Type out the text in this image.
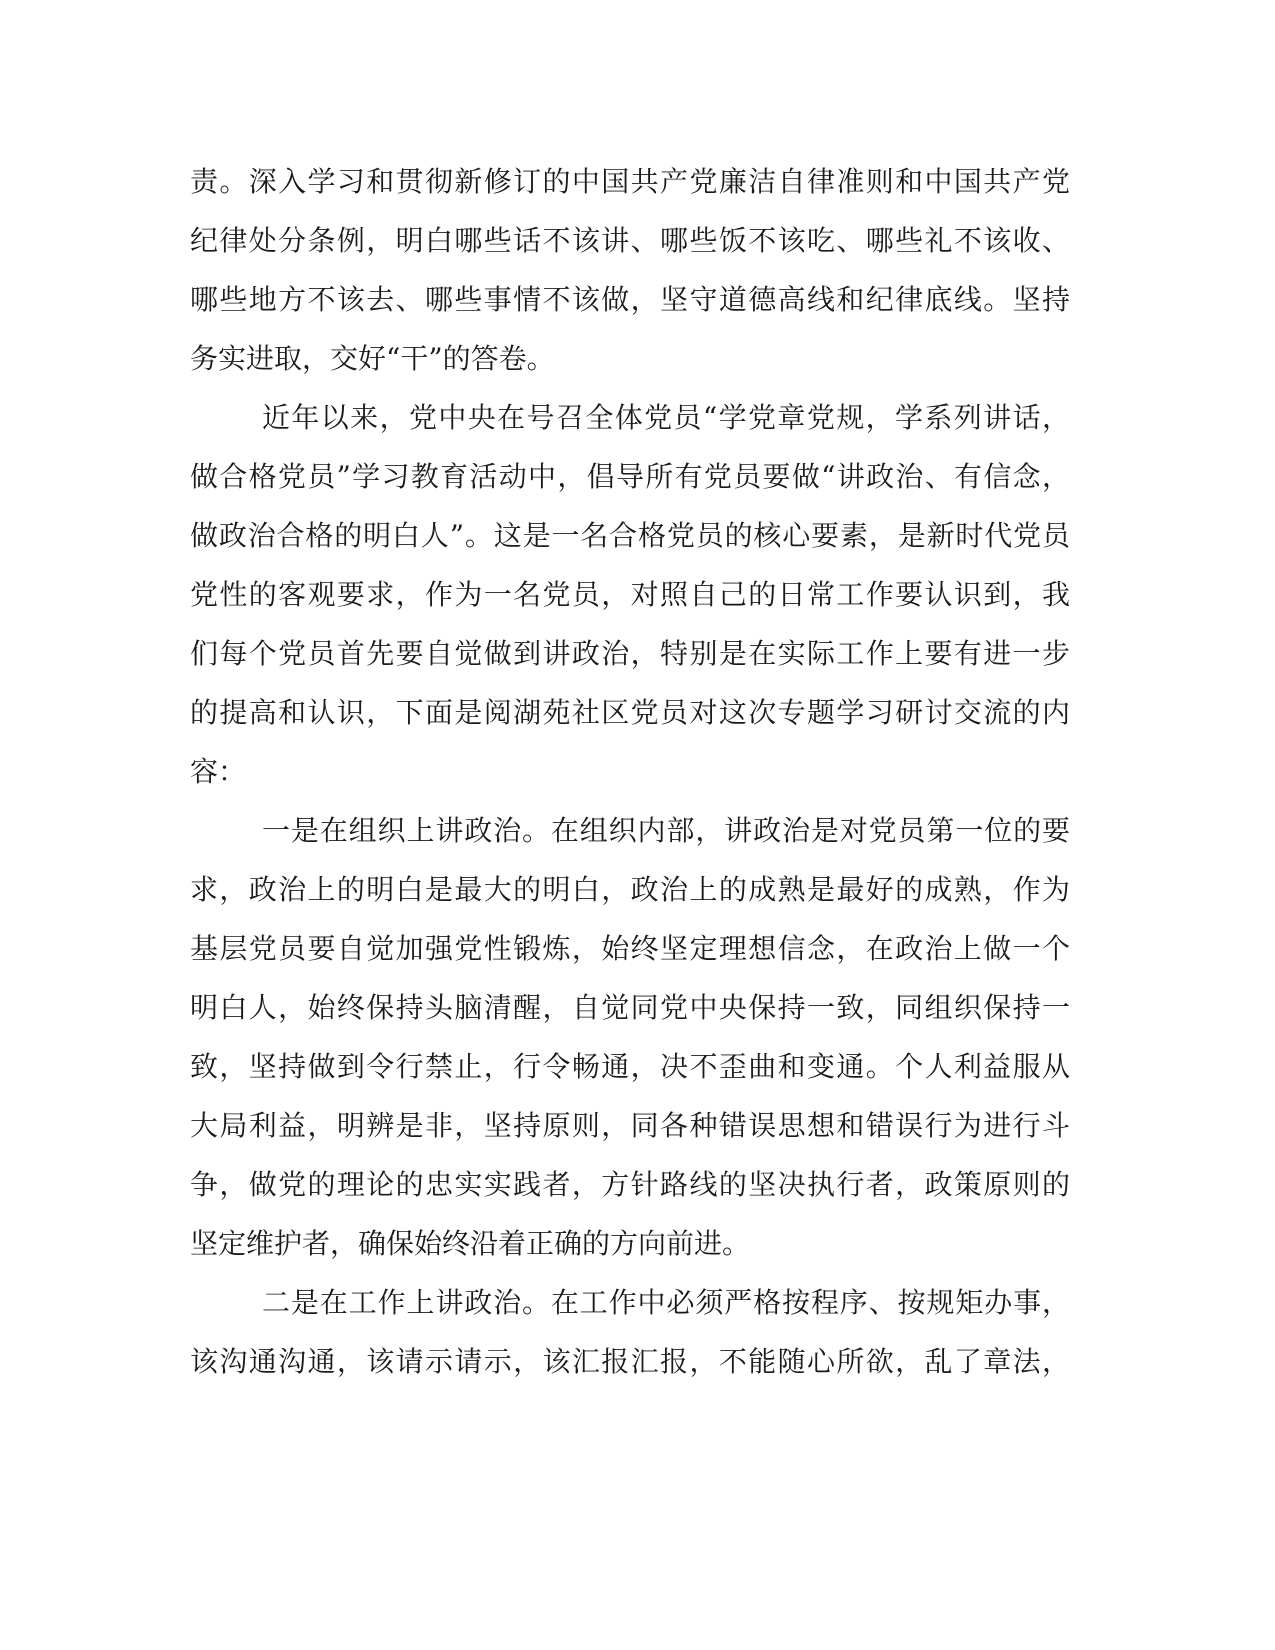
责。深入学习和贯彻新修订的中国共产党廉洁自律准则和中国共产党
纪律处分条例，明白哪些话不该讲、哪些饭不该吃、哪些礼不该收、
哪些地方不该去、哪些事情不该做，坚守道德高线和纪律底线。坚持
务实进取，交好“干”的答卷。
近年以来，党中央在号召全体党员“学党章党规，学系列讲话，
做合格党员”学习教育活动中，倡导所有党员要做“讲政治、有信念，
做政治合格的明白人”。这是一名合格党员的核心要素，是新时代党员
党性的客观要求，作为一名党员，对照自己的日常工作要认识到，我
们每个党员首先要自觉做到讲政治，特别是在实际工作上要有进一步
的提高和认识，下面是阅湖苑社区党员对这次专题学习研讨交流的内
容：
一是在组织上讲政治。在组织内部，讲政治是对党员第一位的要
求，政治上的明白是最大的明白，政治上的成熟是最好的成熟，作为
基层党员要自觉加强党性锻炼，始终坚定理想信念，在政治上做一个
明白人，始终保持头脑清醒，自觉同党中央保持一致，同组织保持一
致，坚持做到令行禁止，行令畅通，决不歪曲和变通。个人利益服从
大局利益，明辨是非，坚持原则，同各种错误思想和错误行为进行斗
争，做党的理论的忠实实践者，方针路线的坚决执行者，政策原则的
坚定维护者，确保始终沿着正确的方向前进。
二是在工作上讲政治。在工作中必须严格按程序、按规矩办事，
该沟通沟通，该请示请示，该汇报汇报，不能随心所欲，乱了章法，
